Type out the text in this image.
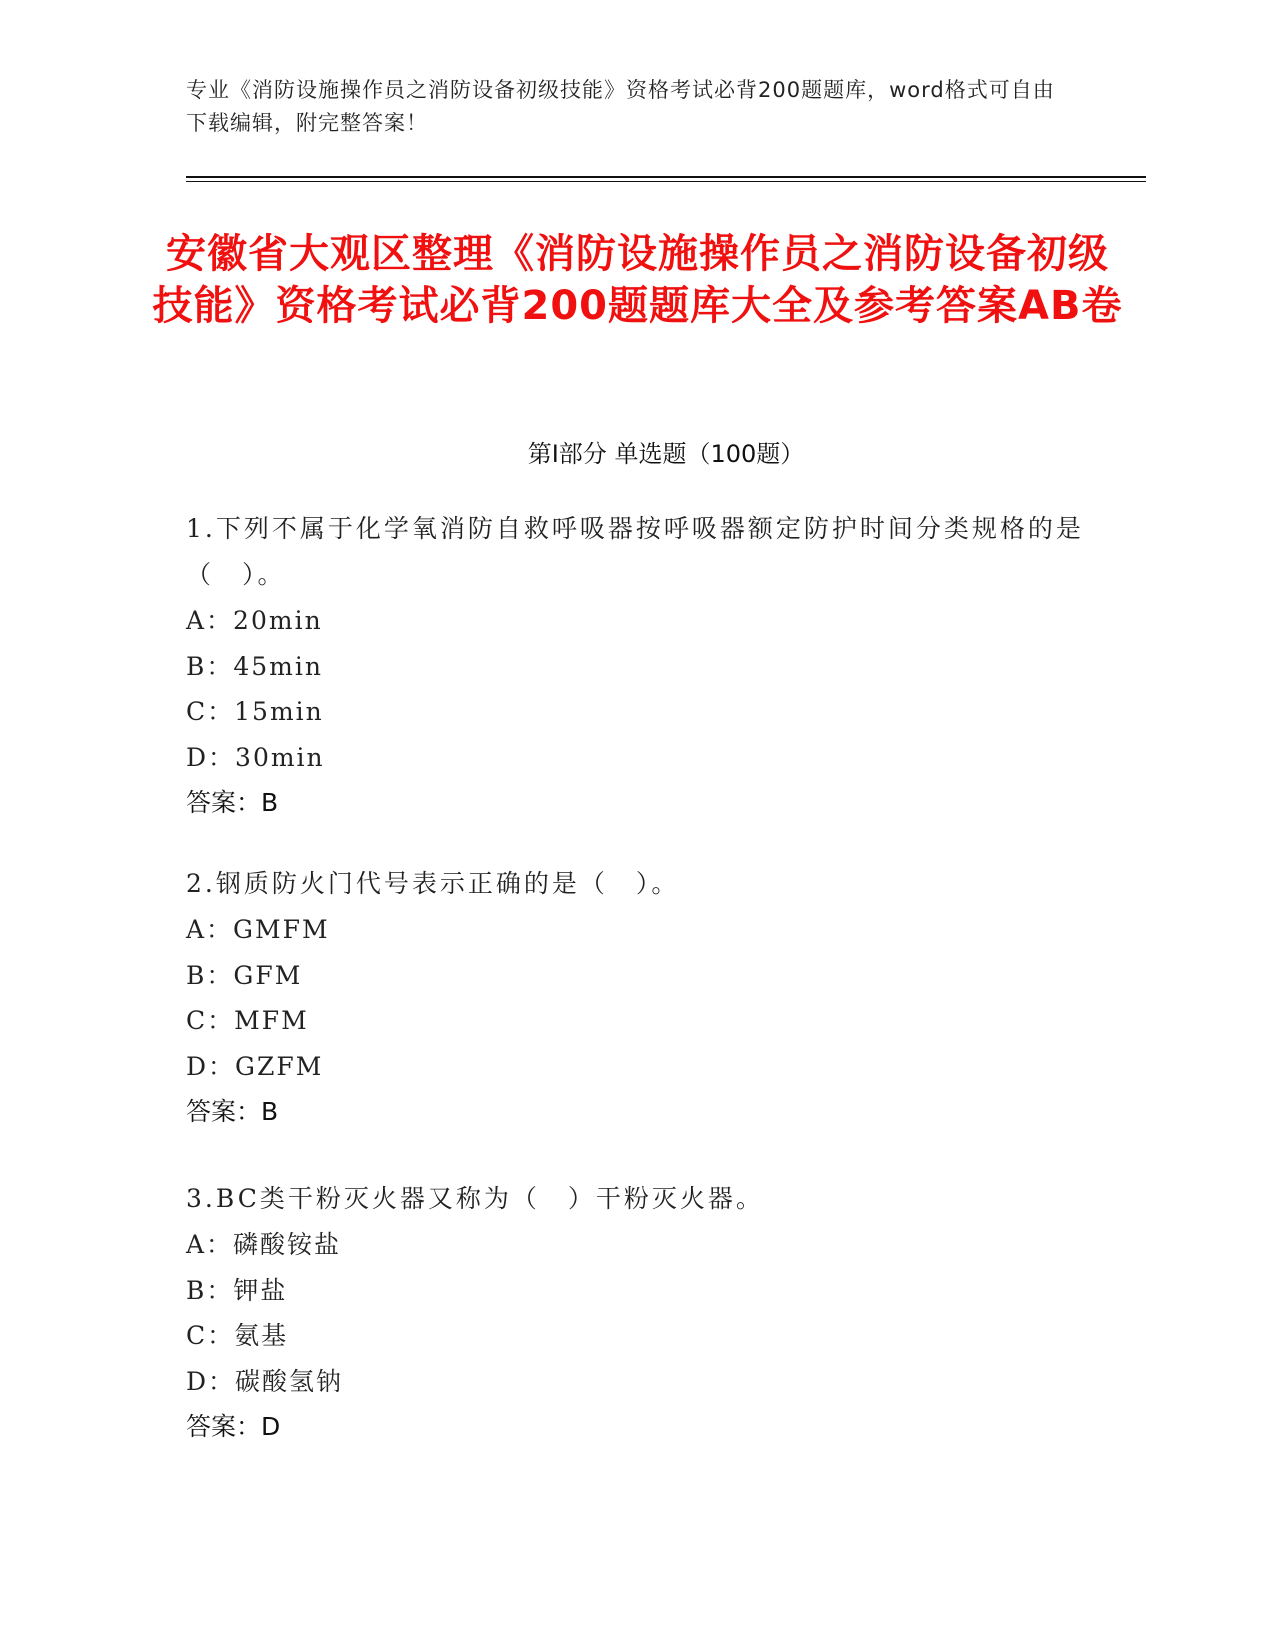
专业《消防设施操作员之消防设备初级技能》资格考试必背200题题库，word格式可自由下载编辑，附完整答案！
安徽省大观区整理《消防设施操作员之消防设备初级技能》资格考试必背200题题库大全及参考答案AB卷
第Ⅰ部分 单选题（100题）
1.下列不属于化学氧消防自救呼吸器按呼吸器额定防护时间分类规格的是（　）。
A：20min
B：45min
C：15min
D：30min
答案：B
2.钢质防火门代号表示正确的是（　）。
A：GMFM
B：GFM
C：MFM
D：GZFM
答案：B
3.BC类干粉灭火器又称为（　）干粉灭火器。
A：磷酸铵盐
B：钾盐
C：氨基
D：碳酸氢钠
答案：D
